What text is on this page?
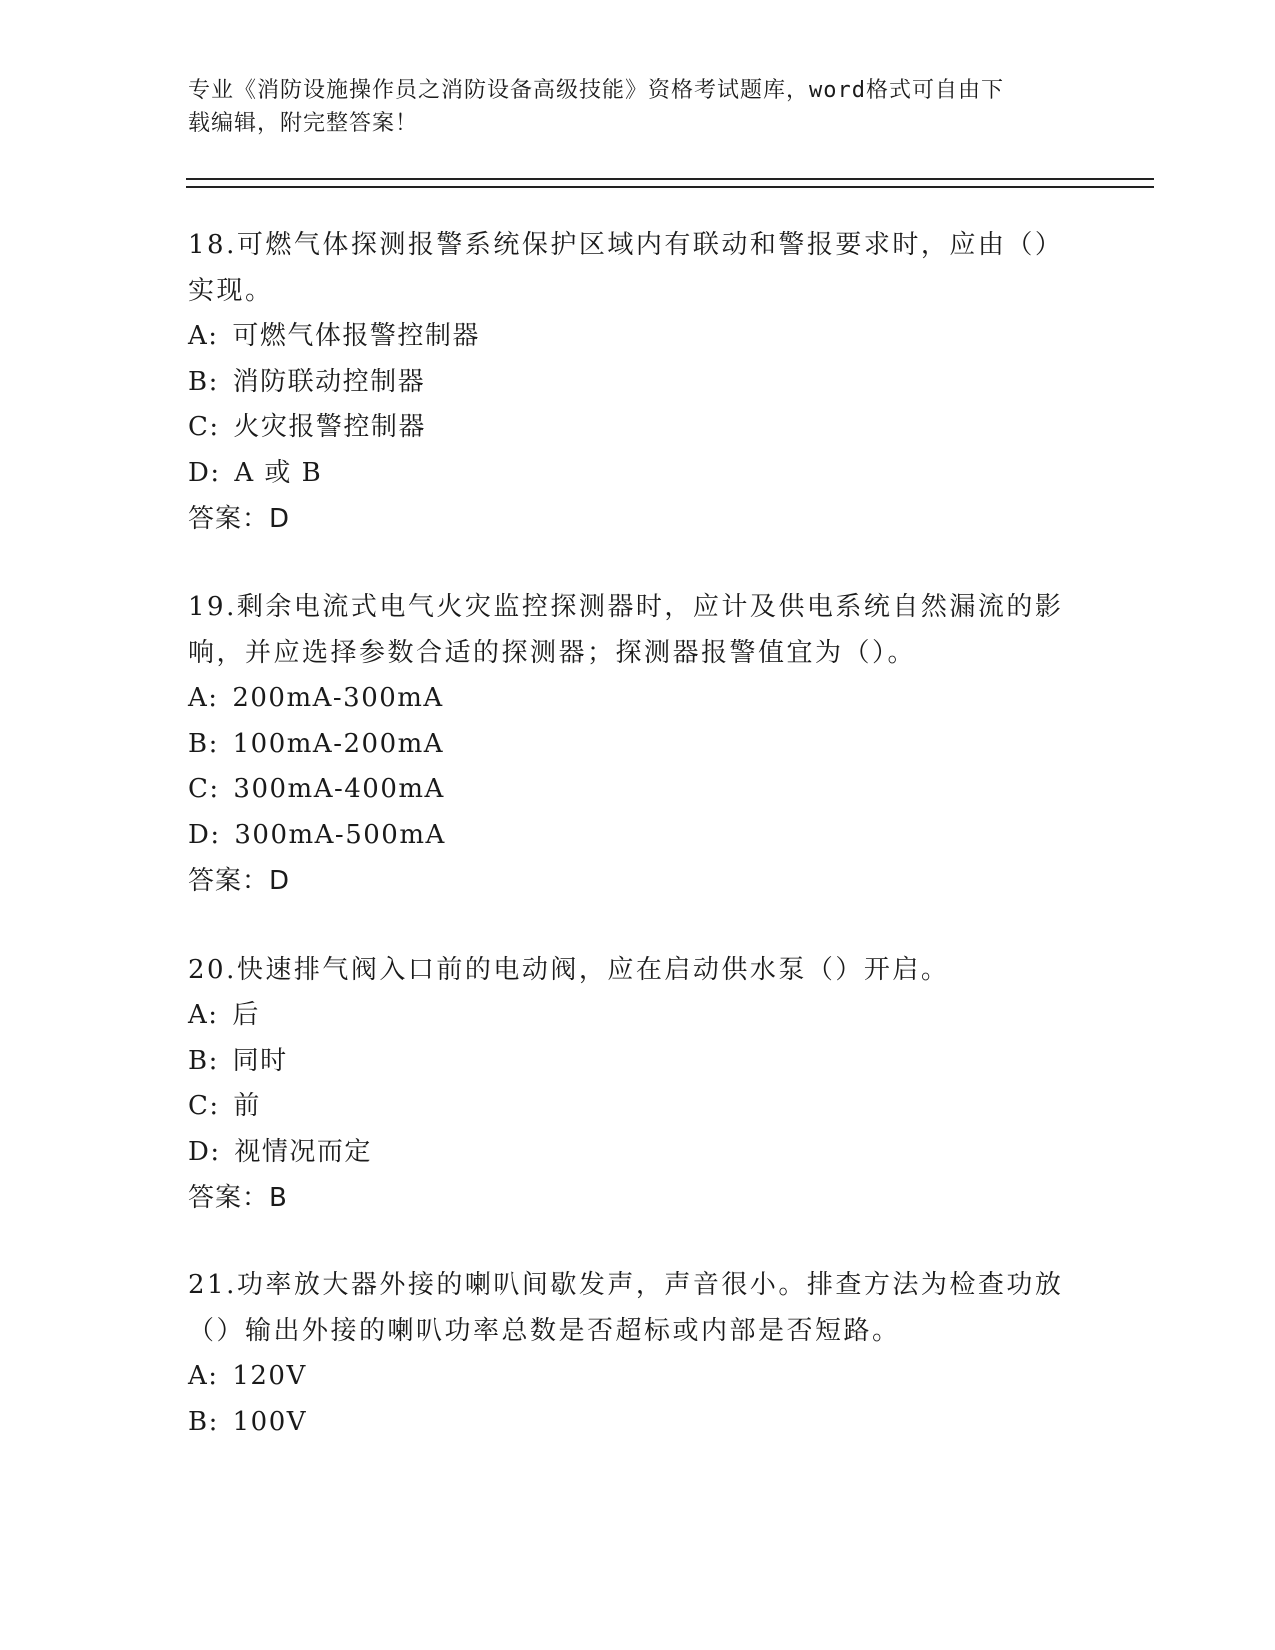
专业《消防设施操作员之消防设备高级技能》资格考试题库，word格式可自由下
载编辑，附完整答案！
18.可燃气体探测报警系统保护区域内有联动和警报要求时，应由（）
实现。
A: 可燃气体报警控制器
B: 消防联动控制器
C: 火灾报警控制器
D: A 或 B
答案：D
19.剩余电流式电气火灾监控探测器时，应计及供电系统自然漏流的影
响，并应选择参数合适的探测器；探测器报警值宜为（）。
A: 200mA-300mA
B: 100mA-200mA
C: 300mA-400mA
D: 300mA-500mA
答案：D
20.快速排气阀入口前的电动阀，应在启动供水泵（）开启。
A: 后
B: 同时
C: 前
D: 视情况而定
答案：B
21.功率放大器外接的喇叭间歇发声，声音很小。排查方法为检查功放
（）输出外接的喇叭功率总数是否超标或内部是否短路。
A: 120V
B: 100V
